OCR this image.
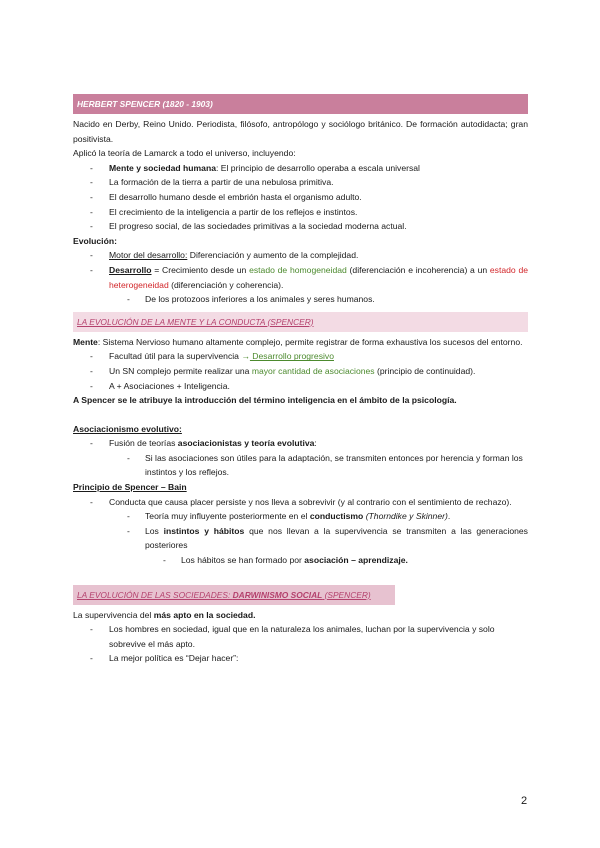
HERBERT SPENCER (1820 - 1903)

Nacido en Derby, Reino Unido. Periodista, filósofo, antropólogo y sociólogo británico. De formación autodidacta; gran positivista.

Aplicó la teoría de Lamarck a todo el universo, incluyendo:

- Mente y sociedad humana: El principio de desarrollo operaba a escala universal
- La formación de la tierra a partir de una nebulosa primitiva.
- El desarrollo humano desde el embrión hasta el organismo adulto.
- El crecimiento de la inteligencia a partir de los reflejos e instintos.
- El progreso social, de las sociedades primitivas a la sociedad moderna actual.

Evolución:

- Motor del desarrollo: Diferenciación y aumento de la complejidad.
- Desarrollo = Crecimiento desde un estado de homogeneidad (diferenciación e incoherencia) a un estado de heterogeneidad (diferenciación y coherencia).
- De los protozoos inferiores a los animales y seres humanos.
LA EVOLUCIÓN DE LA MENTE Y LA CONDUCTA (SPENCER)

Mente: Sistema Nervioso humano altamente complejo, permite registrar de forma exhaustiva los sucesos del entorno.

- Facultad útil para la supervivencia → Desarrollo progresivo
- Un SN complejo permite realizar una mayor cantidad de asociaciones (principio de continuidad).
- A + Asociaciones + Inteligencia.

A Spencer se le atribuye la introducción del término inteligencia en el ámbito de la psicología.

Asociacionismo evolutivo:

- Fusión de teorías asociacionistas y teoría evolutiva:
- Si las asociaciones son útiles para la adaptación, se transmiten entonces por herencia y forman los instintos y los reflejos.

Principio de Spencer – Bain

- Conducta que causa placer persiste y nos lleva a sobrevivir (y al contrario con el sentimiento de rechazo).
- Teoría muy influyente posteriormente en el conductismo (Thorndike y Skinner).
- Los instintos y hábitos que nos llevan a la supervivencia se transmiten a las generaciones posteriores
- Los hábitos se han formado por asociación – aprendizaje.
LA EVOLUCIÓN DE LAS SOCIEDADES: DARWINISMO SOCIAL (SPENCER)

La supervivencia del más apto en la sociedad.

- Los hombres en sociedad, igual que en la naturaleza los animales, luchan por la supervivencia y solo sobrevive el más apto.
- La mejor política es “Dejar hacer”:
2
